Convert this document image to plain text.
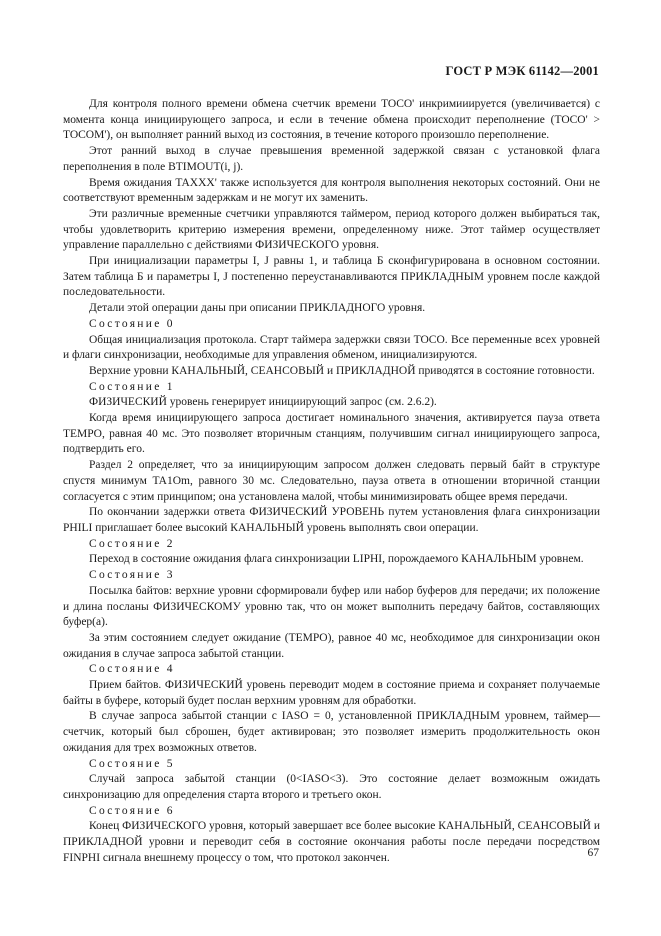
ГОСТ Р МЭК 61142—2001

Для контроля полного времени обмена счетчик времени TOCO' инкримииируется (увеличивается) с момента конца инициирующего запроса, и если в течение обмена происходит переполнение (TOCO' > TOCOM'), он выполняет ранний выход из состояния, в течение которого произошло переполнение.

Этот ранний выход в случае превышения временной задержкой связан с установкой флага переполнения в поле BTIMOUT(i, j).

Время ожидания TAXXX' также используется для контроля выполнения некоторых состояний. Они не соответствуют временным задержкам и не могут их заменить.

Эти различные временные счетчики управляются таймером, период которого должен выбираться так, чтобы удовлетворить критерию измерения времени, определенному ниже. Этот таймер осуществляет управление параллельно с действиями ФИЗИЧЕСКОГО уровня.

При инициализации параметры I, J равны 1, и таблица Б сконфигурирована в основном состоянии. Затем таблица Б и параметры I, J постепенно переустанавливаются ПРИКЛАДНЫМ уровнем после каждой последовательности.

Детали этой операции даны при описании ПРИКЛАДНОГО уровня.

Состояние 0

Общая инициализация протокола. Старт таймера задержки связи TOCO. Все переменные всех уровней и флаги синхронизации, необходимые для управления обменом, инициализируются.

Верхние уровни КАНАЛЬНЫЙ, СЕАНСОВЫЙ и ПРИКЛАДНОЙ приводятся в состояние готовности.

Состояние 1

ФИЗИЧЕСКИЙ уровень генерирует инициирующий запрос (см. 2.6.2).

Когда время инициирующего запроса достигает номинального значения, активируется пауза ответа TEMPO, равная 40 мс. Это позволяет вторичным станциям, получившим сигнал инициирующего запроса, подтвердить его.

Раздел 2 определяет, что за инициирующим запросом должен следовать первый байт в структуре спустя минимум TA1Om, равного 30 мс. Следовательно, пауза ответа в отношении вторичной станции согласуется с этим принципом; она установлена малой, чтобы минимизировать общее время передачи.

По окончании задержки ответа ФИЗИЧЕСКИЙ УРОВЕНЬ путем установления флага синхронизации PHILI приглашает более высокий КАНАЛЬНЫЙ уровень выполнять свои операции.

Состояние 2

Переход в состояние ожидания флага синхронизации LIPHI, порождаемого КАНАЛЬНЫМ уровнем.

Состояние 3

Посылка байтов: верхние уровни сформировали буфер или набор буферов для передачи; их положение и длина посланы ФИЗИЧЕСКОМУ уровню так, что он может выполнить передачу байтов, составляющих буфер(а).

За этим состоянием следует ожидание (TEMPO), равное 40 мс, необходимое для синхронизации окон ожидания в случае запроса забытой станции.

Состояние 4

Прием байтов. ФИЗИЧЕСКИЙ уровень переводит модем в состояние приема и сохраняет получаемые байты в буфере, который будет послан верхним уровням для обработки.

В случае запроса забытой станции с IASO = 0, установленной ПРИКЛАДНЫМ уровнем, таймер—счетчик, который был сброшен, будет активирован; это позволяет измерить продолжительность окон ожидания для трех возможных ответов.

Состояние 5

Случай запроса забытой станции (0<IASO<3). Это состояние делает возможным ожидать синхронизацию для определения старта второго и третьего окон.

Состояние 6

Конец ФИЗИЧЕСКОГО уровня, который завершает все более высокие КАНАЛЬНЫЙ, СЕАНСОВЫЙ и ПРИКЛАДНОЙ уровни и переводит себя в состояние окончания работы после передачи посредством FINPHI сигнала внешнему процессу о том, что протокол закончен.	67
